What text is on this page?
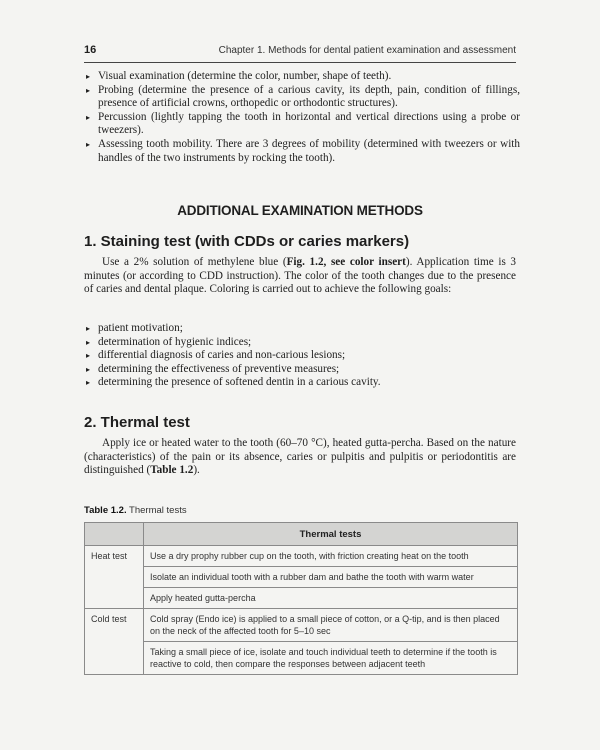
16	Chapter 1. Methods for dental patient examination and assessment
▸ Visual examination (determine the color, number, shape of teeth).
▸ Probing (determine the presence of a carious cavity, its depth, pain, condition of fillings, presence of artificial crowns, orthopedic or orthodontic structures).
▸ Percussion (lightly tapping the tooth in horizontal and vertical directions using a probe or tweezers).
▸ Assessing tooth mobility. There are 3 degrees of mobility (determined with tweezers or with handles of the two instruments by rocking the tooth).
ADDITIONAL EXAMINATION METHODS
1. Staining test (with CDDs or caries markers)

Use a 2% solution of methylene blue (Fig. 1.2, see color insert). Application time is 3 minutes (or according to CDD instruction). The color of the tooth changes due to the presence of caries and dental plaque. Coloring is carried out to achieve the following goals:

▸ patient motivation;
▸ determination of hygienic indices;
▸ differential diagnosis of caries and non-carious lesions;
▸ determining the effectiveness of preventive measures;
▸ determining the presence of softened dentin in a carious cavity.
2. Thermal test

Apply ice or heated water to the tooth (60–70 °C), heated gutta-percha. Based on the nature (characteristics) of the pain or its absence, caries or pulpitis and pulpitis or periodontitis are distinguished (Table 1.2).

Table 1.2. Thermal tests
	Thermal tests
Heat test	Use a dry prophy rubber cup on the tooth, with friction creating heat on the tooth
	Isolate an individual tooth with a rubber dam and bathe the tooth with warm water
	Apply heated gutta-percha
Cold test	Cold spray (Endo ice) is applied to a small piece of cotton, or a Q-tip, and is then placed on the neck of the affected tooth for 5–10 sec
	Taking a small piece of ice, isolate and touch individual teeth to determine if the tooth is reactive to cold, then compare the responses between adjacent teeth
